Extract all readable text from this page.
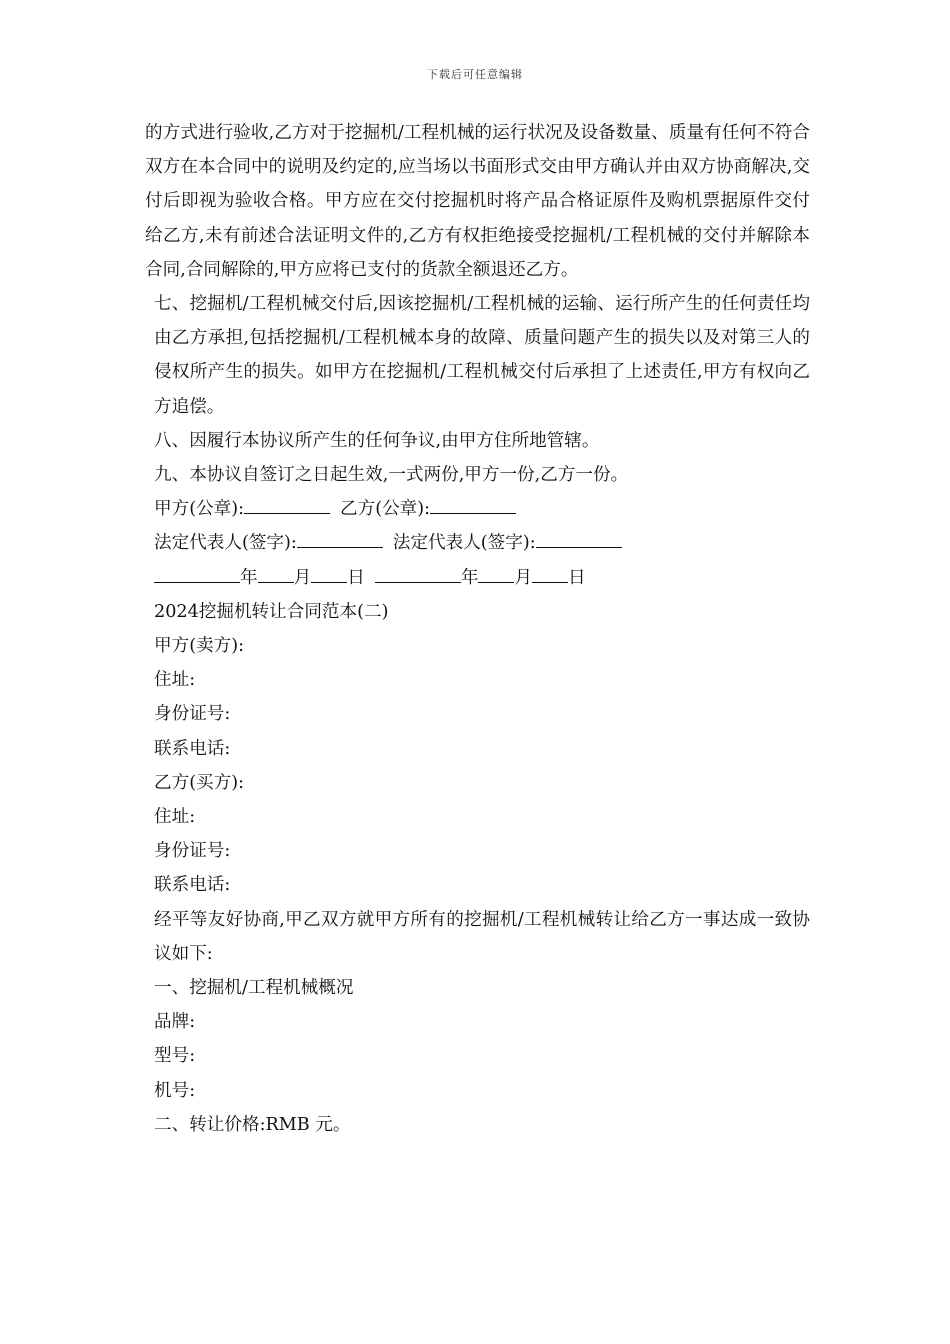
下载后可任意编辑

的方式进行验收,乙方对于挖掘机/工程机械的运行状况及设备数量、质量有任何不符合双方在本合同中的说明及约定的,应当场以书面形式交由甲方确认并由双方协商解决,交付后即视为验收合格。甲方应在交付挖掘机时将产品合格证原件及购机票据原件交付给乙方,未有前述合法证明文件的,乙方有权拒绝接受挖掘机/工程机械的交付并解除本合同,合同解除的,甲方应将已支付的货款全额退还乙方。

七、挖掘机/工程机械交付后,因该挖掘机/工程机械的运输、运行所产生的任何责任均由乙方承担,包括挖掘机/工程机械本身的故障、质量问题产生的损失以及对第三人的侵权所产生的损失。如甲方在挖掘机/工程机械交付后承担了上述责任,甲方有权向乙方追偿。

八、因履行本协议所产生的任何争议,由甲方住所地管辖。

九、本协议自签订之日起生效,一式两份,甲方一份,乙方一份。

甲方(公章):	乙方(公章):
法定代表人(签字):	法定代表人(签字):
年 月 日	年 月 日
2024挖掘机转让合同范本(二)
甲方(卖方):
住址:
身份证号:
联系电话:
乙方(买方):
住址:
身份证号:
联系电话:

经平等友好协商,甲乙双方就甲方所有的挖掘机/工程机械转让给乙方一事达成一致协议如下:

一、挖掘机/工程机械概况
品牌:
型号:
机号:
二、转让价格:RMB 元。
